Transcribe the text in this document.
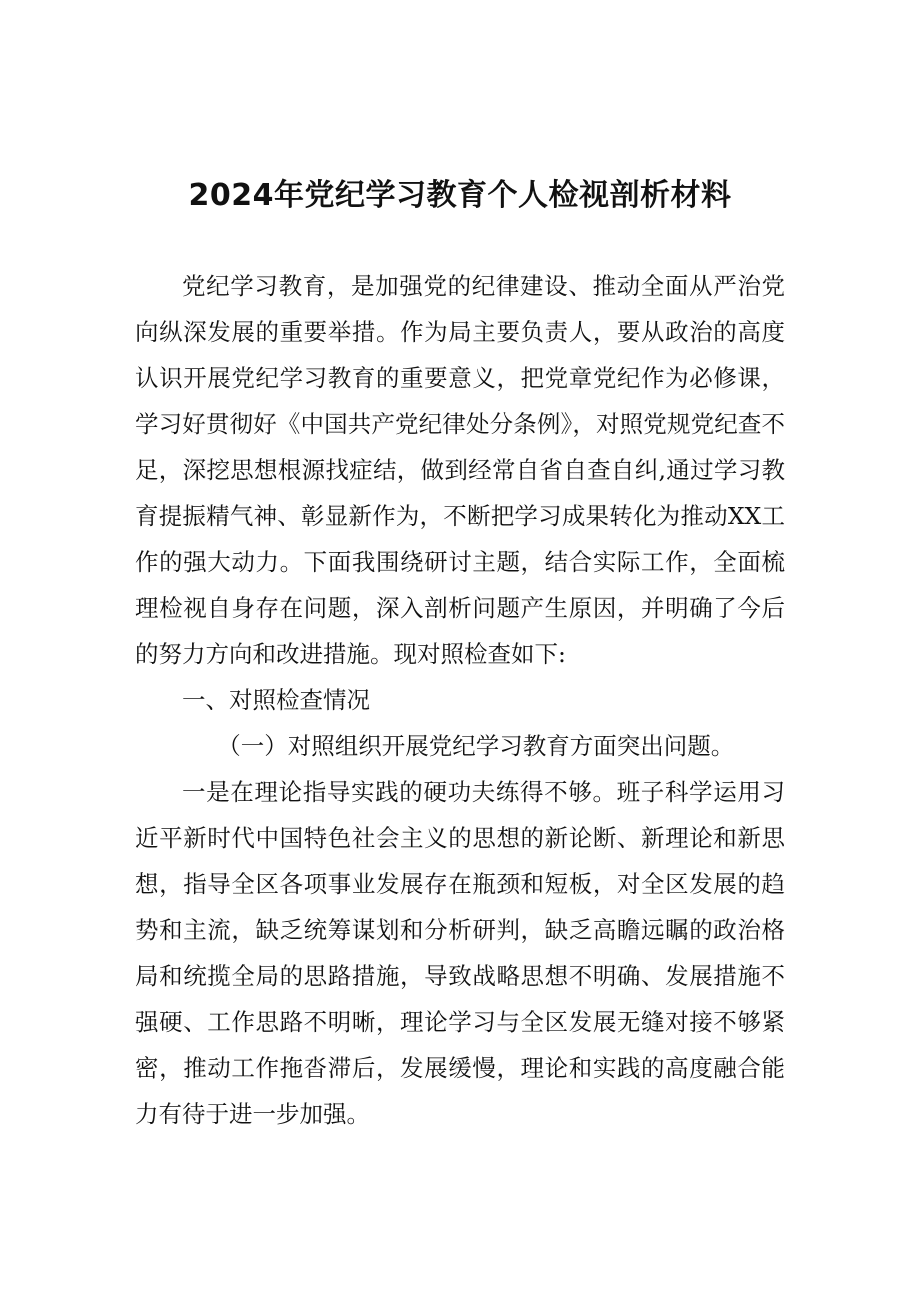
2024年党纪学习教育个人检视剖析材料

党纪学习教育，是加强党的纪律建设、推动全面从严治党向纵深发展的重要举措。作为局主要负责人，要从政治的高度认识开展党纪学习教育的重要意义，把党章党纪作为必修课，学习好贯彻好《中国共产党纪律处分条例》，对照党规党纪查不足，深挖思想根源找症结，做到经常自省自查自纠,通过学习教育提振精气神、彰显新作为，不断把学习成果转化为推动XX工作的强大动力。下面我围绕研讨主题，结合实际工作，全面梳理检视自身存在问题，深入剖析问题产生原因，并明确了今后的努力方向和改进措施。现对照检查如下:

一、对照检查情况

（一）对照组织开展党纪学习教育方面突出问题。

一是在理论指导实践的硬功夫练得不够。班子科学运用习近平新时代中国特色社会主义的思想的新论断、新理论和新思想，指导全区各项事业发展存在瓶颈和短板，对全区发展的趋势和主流，缺乏统筹谋划和分析研判，缺乏高瞻远瞩的政治格局和统揽全局的思路措施，导致战略思想不明确、发展措施不强硬、工作思路不明晰，理论学习与全区发展无缝对接不够紧密，推动工作拖沓滞后，发展缓慢，理论和实践的高度融合能力有待于进一步加强。
